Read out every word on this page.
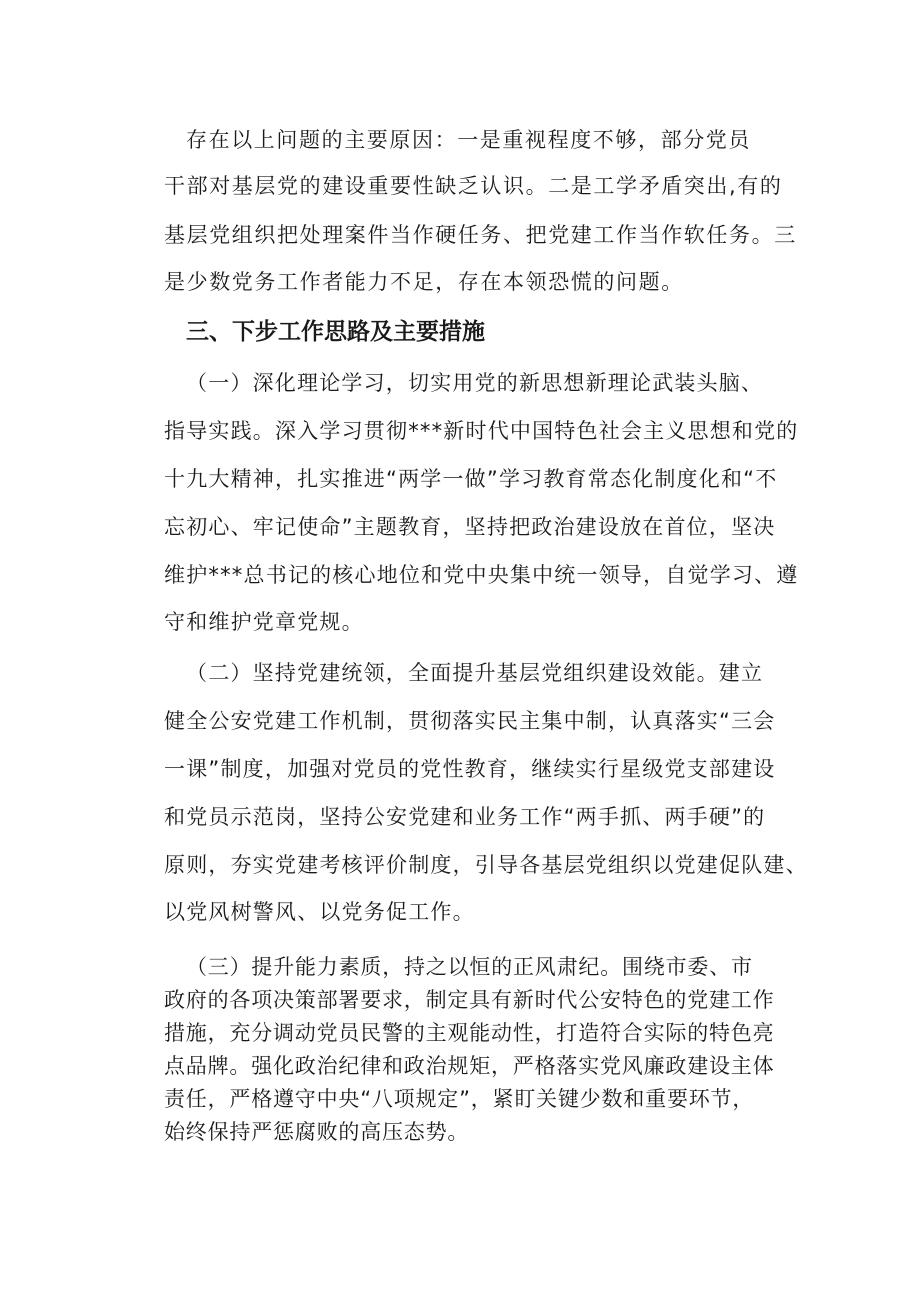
存在以上问题的主要原因：一是重视程度不够，部分党员
干部对基层党的建设重要性缺乏认识。二是工学矛盾突出,有的
基层党组织把处理案件当作硬任务、把党建工作当作软任务。三
是少数党务工作者能力不足，存在本领恐慌的问题。
三、下步工作思路及主要措施
（一）深化理论学习，切实用党的新思想新理论武装头脑、
指导实践。深入学习贯彻***新时代中国特色社会主义思想和党的
十九大精神，扎实推进“两学一做”学习教育常态化制度化和“不
忘初心、牢记使命”主题教育，坚持把政治建设放在首位，坚决
维护***总书记的核心地位和党中央集中统一领导，自觉学习、遵
守和维护党章党规。
（二）坚持党建统领，全面提升基层党组织建设效能。建立
健全公安党建工作机制，贯彻落实民主集中制，认真落实“三会
一课”制度，加强对党员的党性教育，继续实行星级党支部建设
和党员示范岗，坚持公安党建和业务工作“两手抓、两手硬”的
原则，夯实党建考核评价制度，引导各基层党组织以党建促队建、
以党风树警风、以党务促工作。
（三）提升能力素质，持之以恒的正风肃纪。围绕市委、市
政府的各项决策部署要求，制定具有新时代公安特色的党建工作
措施，充分调动党员民警的主观能动性，打造符合实际的特色亮
点品牌。强化政治纪律和政治规矩，严格落实党风廉政建设主体
责任，严格遵守中央“八项规定”，紧盯关键少数和重要环节，
始终保持严惩腐败的高压态势。
